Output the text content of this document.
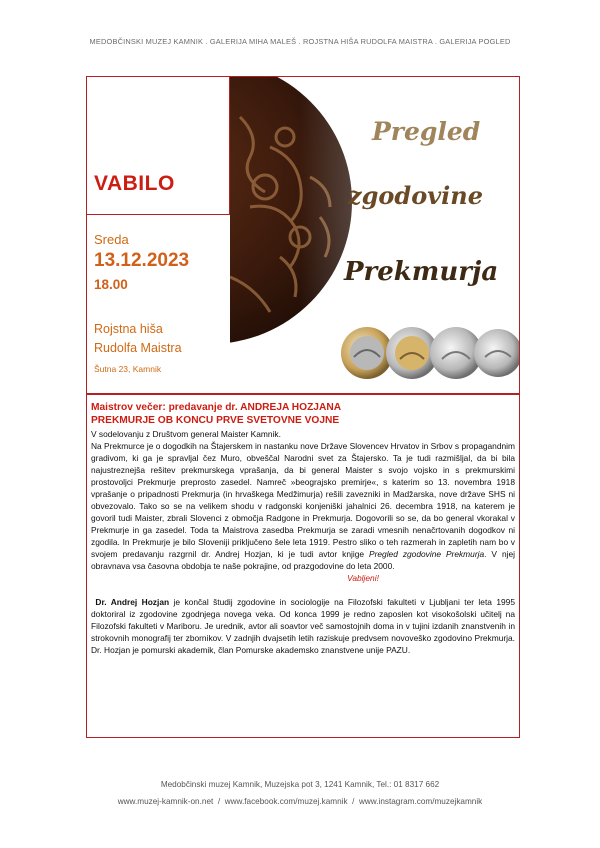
MEDOBČINSKI MUZEJ KAMNIK . GALERIJA MIHA MALEŠ . ROJSTNA HIŠA RUDOLFA MAISTRA . GALERIJA POGLED
VABILO
Sreda
13.12.2023
18.00
Rojstna hiša
Rudolfa Maistra
Šutna 23, Kamnik
Pregled
zgodovine
Prekmurja
Maistrov večer: predavanje dr. ANDREJA HOZJANA
PREKMURJE OB KONCU PRVE SVETOVNE VOJNE
V sodelovanju z Društvom general Maister Kamnik.
Na Prekmurce je o dogodkih na Štajerskem in nastanku nove Države Slovencev Hrvatov in Srbov s propagandnim gradivom, ki ga je spravljal čez Muro, obveščal Narodni svet za Štajersko. Ta je tudi razmišljal, da bi bila najustreznejša rešitev prekmurskega vprašanja, da bi general Maister s svojo vojsko in s prekmurskimi prostovoljci Prekmurje preprosto zasedel. Namreč »beograjsko premirje«, s katerim so 13. novembra 1918 vprašanje o pripadnosti Prekmurja (in hrvaškega Medžimurja) rešili zavezniki in Madžarska, nove države SHS ni obvezovalo. Tako so se na velikem shodu v radgonski konjeniški jahalnici 26. decembra 1918, na katerem je govoril tudi Maister, zbrali Slovenci z območja Radgone in Prekmurja. Dogovorili so se, da bo general vkorakal v Prekmurje in ga zasedel. Toda ta Maistrova zasedba Prekmurja se zaradi vmesnih nenačrtovanih dogodkov ni zgodila. In Prekmurje je bilo Sloveniji priključeno šele leta 1919. Pestro sliko o teh razmerah in zapletih nam bo v svojem predavanju razgrnil dr. Andrej Hozjan, ki je tudi avtor knjige Pregled zgodovine Prekmurja. V njej obravnava vsa časovna obdobja te naše pokrajine, od prazgodovine do leta 2000.
Vabljeni!
Dr. Andrej Hozjan je končal študij zgodovine in sociologije na Filozofski fakulteti v Ljubljani ter leta 1995 doktoriral iz zgodovine zgodnjega novega veka. Od konca 1999 je redno zaposlen kot visokošolski učitelj na Filozofski fakulteti v Mariboru. Je urednik, avtor ali soavtor več samostojnih doma in v tujini izdanih znanstvenih in strokovnih monografij ter zbornikov. V zadnjih dvajsetih letih raziskuje predvsem novoveško zgodovino Prekmurja. Dr. Hozjan je pomurski akademik, član Pomurske akademsko znanstvene unije PAZU.
Medobčinski muzej Kamnik, Muzejska pot 3, 1241 Kamnik, Tel.: 01 8317 662
www.muzej-kamnik-on.net / www.facebook.com/muzej.kamnik / www.instagram.com/muzejkamnik
